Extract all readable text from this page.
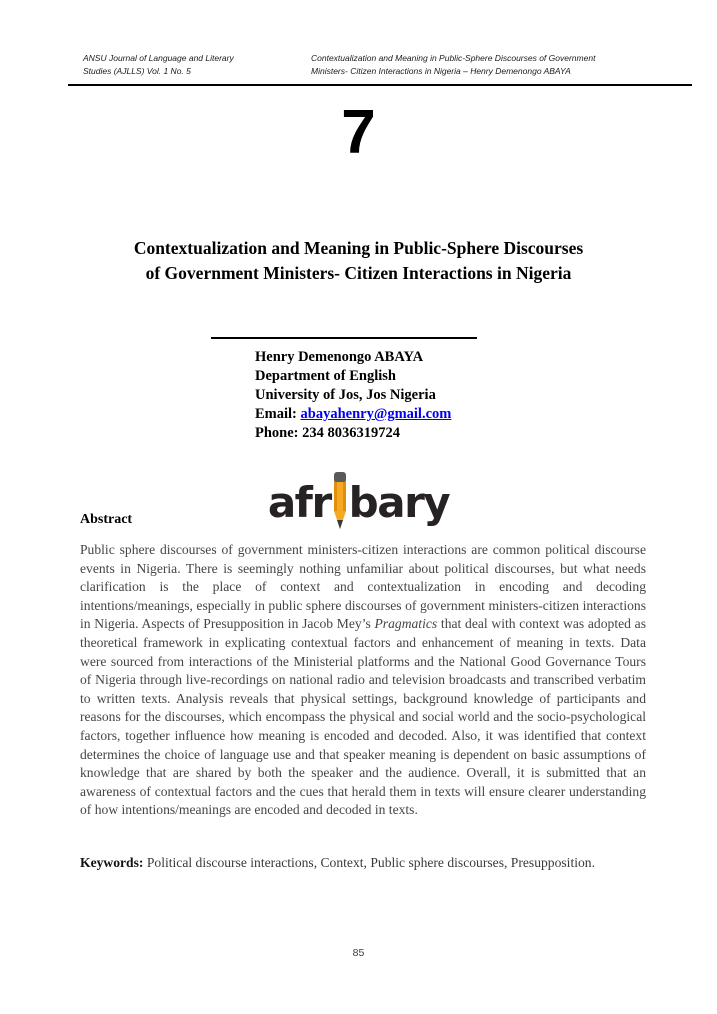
ANSU Journal of Language and Literary
Studies (AJLLS) Vol. 1 No. 5
Contextualization and Meaning in Public-Sphere Discourses of Government
Ministers- Citizen Interactions in Nigeria – Henry Demenongo ABAYA
7
Contextualization and Meaning in Public-Sphere Discourses
of Government Ministers- Citizen Interactions in Nigeria
Henry Demenongo ABAYA
Department of English
University of Jos, Jos Nigeria
Email: abayahenry@gmail.com
Phone: 234 8036319724
afr bary
Abstract

Public sphere discourses of government ministers-citizen interactions are common political discourse events in Nigeria. There is seemingly nothing unfamiliar about political discourses, but what needs clarification is the place of context and contextualization in encoding and decoding intentions/meanings, especially in public sphere discourses of government ministers-citizen interactions in Nigeria. Aspects of Presupposition in Jacob Mey’s Pragmatics that deal with context was adopted as theoretical framework in explicating contextual factors and enhancement of meaning in texts. Data were sourced from interactions of the Ministerial platforms and the National Good Governance Tours of Nigeria through live-recordings on national radio and television broadcasts and transcribed verbatim to written texts. Analysis reveals that physical settings, background knowledge of participants and reasons for the discourses, which encompass the physical and social world and the socio-psychological factors, together influence how meaning is encoded and decoded. Also, it was identified that context determines the choice of language use and that speaker meaning is dependent on basic assumptions of knowledge that are shared by both the speaker and the audience. Overall, it is submitted that an awareness of contextual factors and the cues that herald them in texts will ensure clearer understanding of how intentions/meanings are encoded and decoded in texts.

Keywords: Political discourse interactions, Context, Public sphere discourses, Presupposition.

85
